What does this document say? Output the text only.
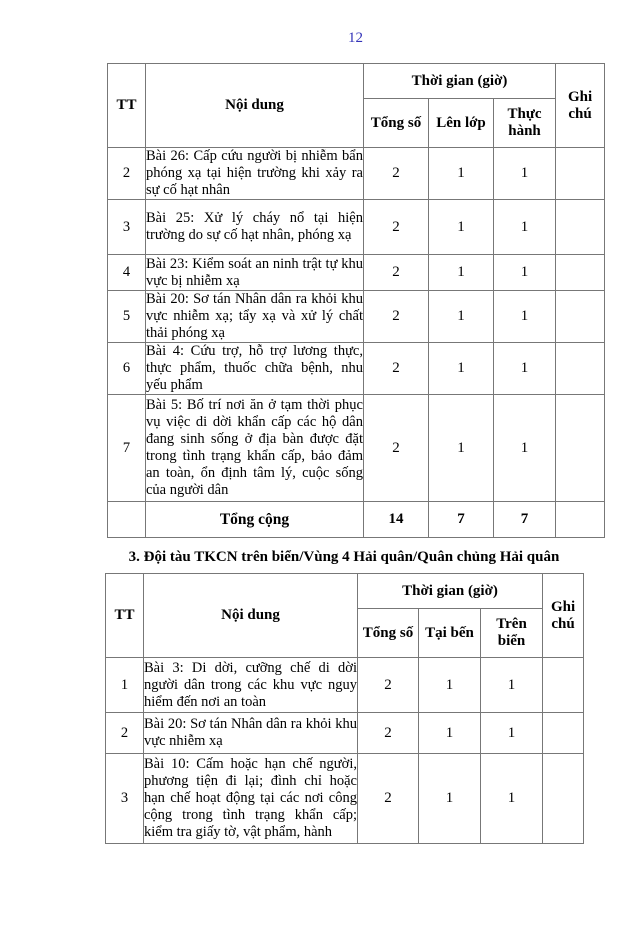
12
TT	Nội dung	Thời gian (giờ)			Ghi chú
		Tổng số	Lên lớp	Thực hành	
2	Bài 26: Cấp cứu người bị nhiễm bẩn phóng xạ tại hiện trường khi xảy ra sự cố hạt nhân	2	1	1	
3	Bài 25: Xử lý cháy nổ tại hiện trường do sự cố hạt nhân, phóng xạ	2	1	1	
4	Bài 23: Kiểm soát an ninh trật tự khu vực bị nhiễm xạ	2	1	1	
5	Bài 20: Sơ tán Nhân dân ra khỏi khu vực nhiễm xạ; tẩy xạ và xử lý chất thải phóng xạ	2	1	1	
6	Bài 4: Cứu trợ, hỗ trợ lương thực, thực phẩm, thuốc chữa bệnh, nhu yếu phẩm	2	1	1	
7	Bài 5: Bố trí nơi ăn ở tạm thời phục vụ việc di dời khẩn cấp các hộ dân đang sinh sống ở địa bàn được đặt trong tình trạng khẩn cấp, bảo đảm an toàn, ổn định tâm lý, cuộc sống của người dân	2	1	1	
	Tổng cộng	14	7	7	
3. Đội tàu TKCN trên biển/Vùng 4 Hải quân/Quân chủng Hải quân
TT	Nội dung	Thời gian (giờ)			Ghi chú
		Tổng số	Tại bến	Trên biển	
1	Bài 3: Di dời, cưỡng chế di dời người dân trong các khu vực nguy hiểm đến nơi an toàn	2	1	1	
2	Bài 20: Sơ tán Nhân dân ra khỏi khu vực nhiễm xạ	2	1	1	
3	Bài 10: Cấm hoặc hạn chế người, phương tiện đi lại; đình chỉ hoặc hạn chế hoạt động tại các nơi công cộng trong tình trạng khẩn cấp; kiểm tra giấy tờ, vật phẩm, hành	2	1	1	
